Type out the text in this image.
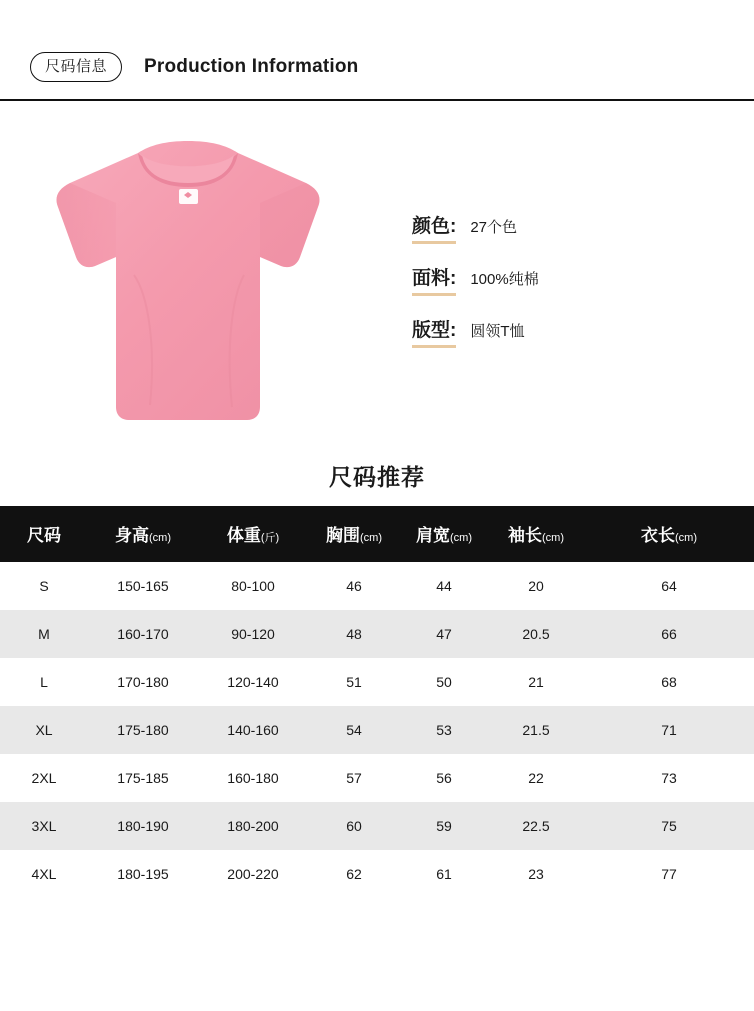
尺码信息	Production Information
颜色: 27个色
面料: 100%纯棉
版型: 圆领T恤
尺码推荐
尺码	身高(cm)	体重(斤)	胸围(cm)	肩宽(cm)	袖长(cm)	衣长(cm)
S	150-165	80-100	46	44	20	64
M	160-170	90-120	48	47	20.5	66
L	170-180	120-140	51	50	21	68
XL	175-180	140-160	54	53	21.5	71
2XL	175-185	160-180	57	56	22	73
3XL	180-190	180-200	60	59	22.5	75
4XL	180-195	200-220	62	61	23	77
